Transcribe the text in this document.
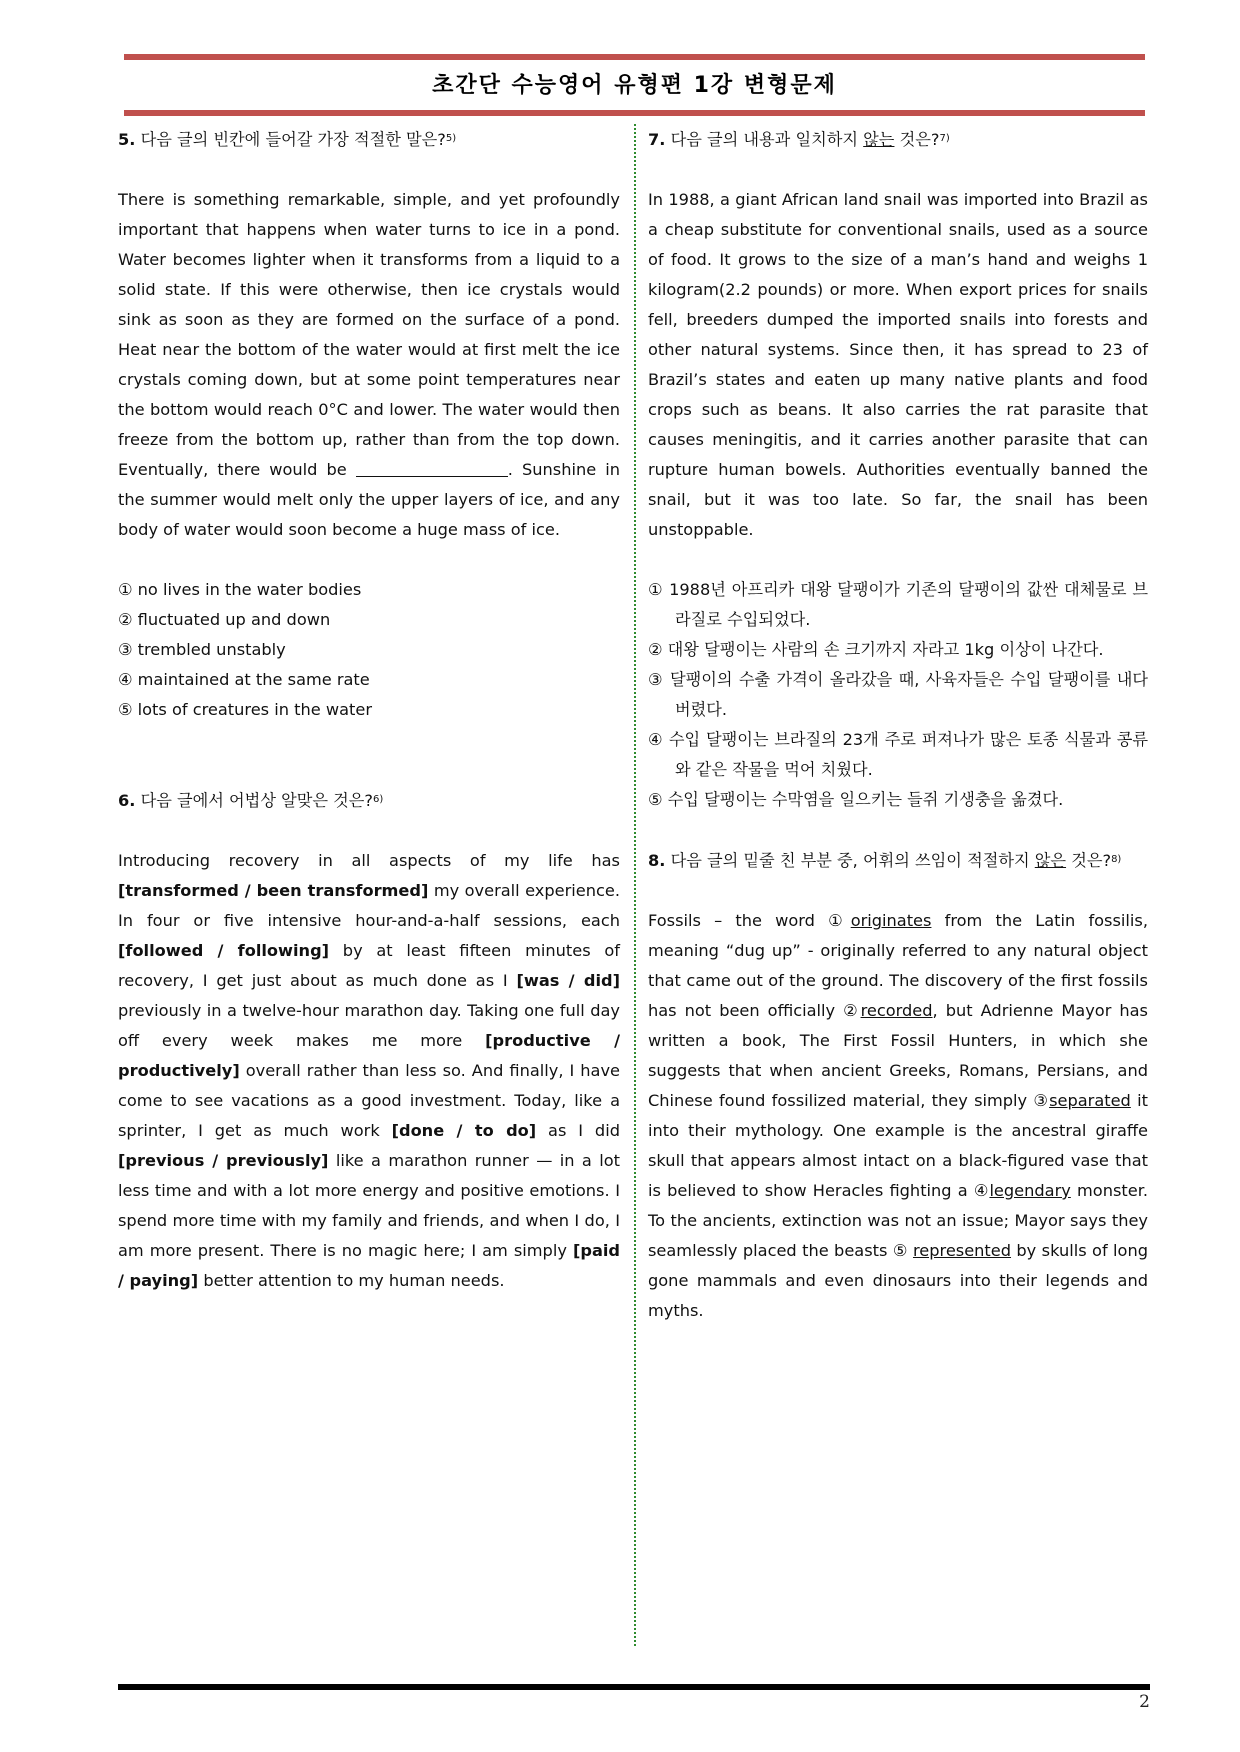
초간단 수능영어 유형편 1강 변형문제

5. 다음 글의 빈칸에 들어갈 가장 적절한 말은?$^{5)}$

There is something remarkable, simple, and yet profoundly important that happens when water turns to ice in a pond. Water becomes lighter when it transforms from a liquid to a solid state. If this were otherwise, then ice crystals would sink as soon as they are formed on the surface of a pond. Heat near the bottom of the water would at first melt the ice crystals coming down, but at some point temperatures near the bottom would reach 0°C and lower. The water would then freeze from the bottom up, rather than from the top down. Eventually, there would be	. Sunshine in the summer would melt only the upper layers of ice, and any body of water would soon become a huge mass of ice.

① no lives in the water bodies
② fluctuated up and down
③ trembled unstably
④ maintained at the same rate
⑤ lots of creatures in the water

6. 다음 글에서 어법상 알맞은 것은?$^{6)}$

Introducing recovery in all aspects of my life has [transformed / been transformed] my overall experience. In four or five intensive hour-and-a-half sessions, each [followed / following] by at least fifteen minutes of recovery, I get just about as much done as I [was / did] previously in a twelve-hour marathon day. Taking one full day off every week makes me more [productive / productively] overall rather than less so. And finally, I have come to see vacations as a good investment. Today, like a sprinter, I get as much work [done / to do] as I did [previous / previously] like a marathon runner — in a lot less time and with a lot more energy and positive emotions. I spend more time with my family and friends, and when I do, I am more present. There is no magic here; I am simply [paid / paying] better attention to my human needs.

7. 다음 글의 내용과 일치하지 않는 것은?$^{7)}$

In 1988, a giant African land snail was imported into Brazil as a cheap substitute for conventional snails, used as a source of food. It grows to the size of a man’s hand and weighs 1 kilogram(2.2 pounds) or more. When export prices for snails fell, breeders dumped the imported snails into forests and other natural systems. Since then, it has spread to 23 of Brazil’s states and eaten up many native plants and food crops such as beans. It also carries the rat parasite that causes meningitis, and it carries another parasite that can rupture human bowels. Authorities eventually banned the snail, but it was too late. So far, the snail has been unstoppable.

① 1988년 아프리카 대왕 달팽이가 기존의 달팽이의 값싼 대체물로 브라질로 수입되었다.
② 대왕 달팽이는 사람의 손 크기까지 자라고 1kg 이상이 나간다.
③ 달팽이의 수출 가격이 올라갔을 때, 사육자들은 수입 달팽이를 내다 버렸다.
④ 수입 달팽이는 브라질의 23개 주로 퍼져나가 많은 토종 식물과 콩류와 같은 작물을 먹어 치웠다.
⑤ 수입 달팽이는 수막염을 일으키는 들쥐 기생충을 옮겼다.

8. 다음 글의 밑줄 친 부분 중, 어휘의 쓰임이 적절하지 않은 것은?$^{8)}$

Fossils – the word ①originates from the Latin fossilis, meaning “dug up” - originally referred to any natural object that came out of the ground. The discovery of the first fossils has not been officially ②recorded, but Adrienne Mayor has written a book, The First Fossil Hunters, in which she suggests that when ancient Greeks, Romans, Persians, and Chinese found fossilized material, they simply ③separated it into their mythology. One example is the ancestral giraffe skull that appears almost intact on a black-figured vase that is believed to show Heracles fighting a ④legendary monster. To the ancients, extinction was not an issue; Mayor says they seamlessly placed the beasts ⑤ represented by skulls of long gone mammals and even dinosaurs into their legends and myths.

2
